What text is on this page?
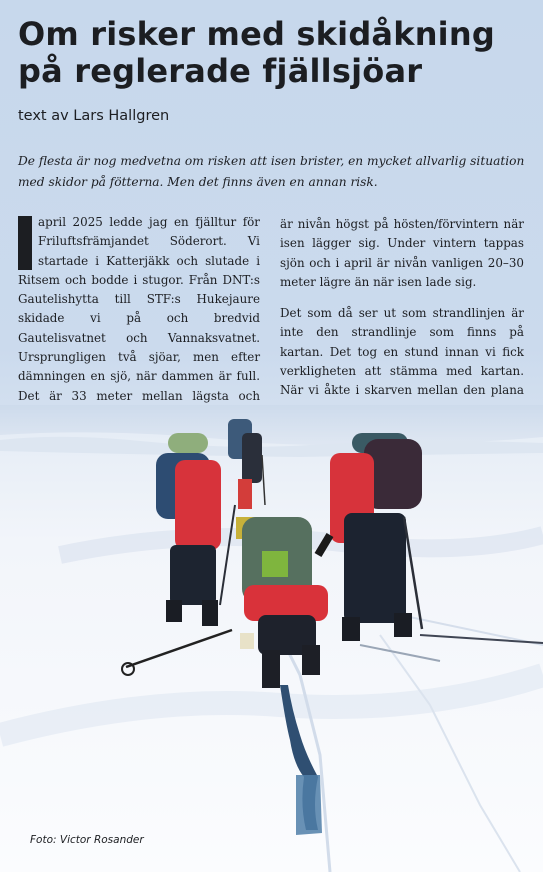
Om risker med skidåkning på reglerade fjällsjöar

text av Lars Hallgren

De flesta är nog medvetna om risken att isen brister, en mycket allvarlig situation med skidor på fötterna. Men det finns även en annan risk.

april 2025 ledde jag en fjälltur för Friluftsfrämjandet Söderort. Vi startade i Katterjäkk och slutade i Ritsem och bodde i stugor. Från DNT:s Gautelishytta till STF:s Hukejaure skidade vi på och bredvid Gautelisvatnet och Vannaksvatnet. Ursprungligen två sjöar, men efter dämningen en sjö, när dammen är full. Det är 33 meter mellan lägsta och

är nivån högst på hösten/förvintern när isen lägger sig. Under vintern tappas sjön och i april är nivån vanligen 20–30 meter lägre än när isen lade sig.

Det som då ser ut som strandlinjen är inte den strandlinje som finns på kartan. Det tog en stund innan vi fick verkligheten att stämma med kartan. När vi åkte i skarven mellan den plana

Foto: Victor Rosander
